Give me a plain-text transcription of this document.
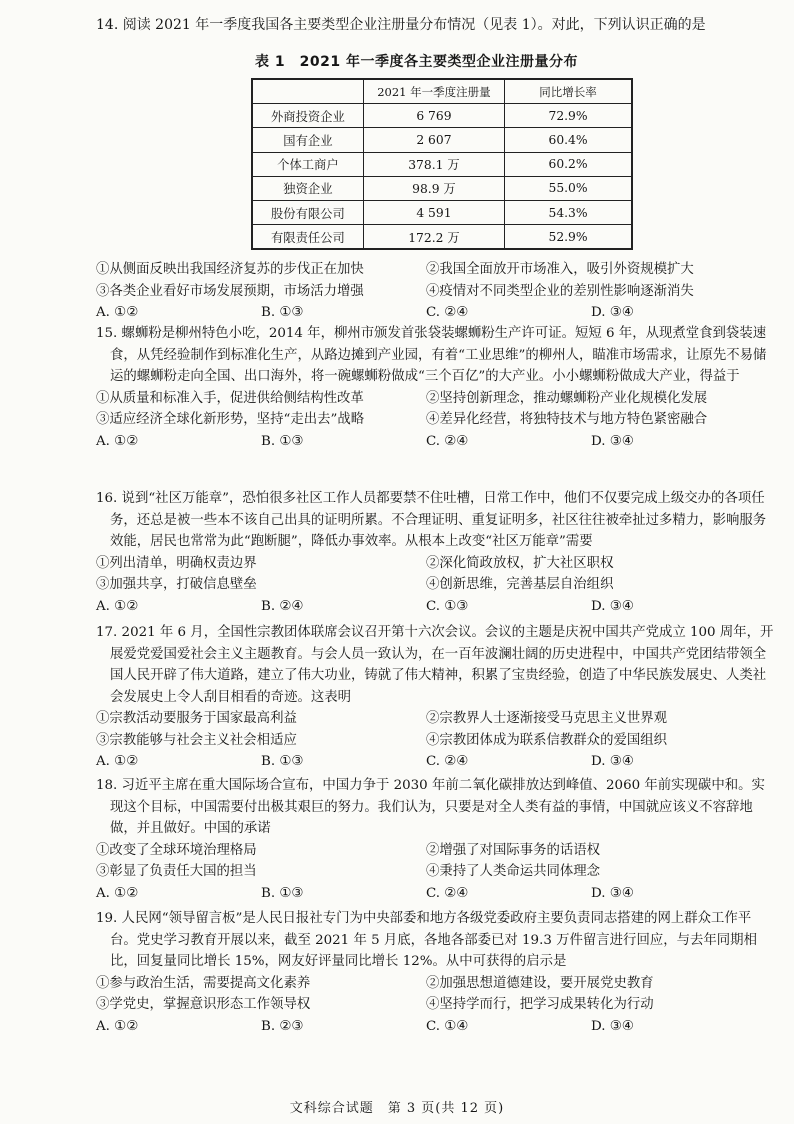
14. 阅读 2021 年一季度我国各主要类型企业注册量分布情况（见表 1）。对此，下列认识正确的是
表 1　2021 年一季度各主要类型企业注册量分布
	2021 年一季度注册量	同比增长率
外商投资企业	6 769	72.9%
国有企业	2 607	60.4%
个体工商户	378.1 万	60.2%
独资企业	98.9 万	55.0%
股份有限公司	4 591	54.3%
有限责任公司	172.2 万	52.9%
①从侧面反映出我国经济复苏的步伐正在加快	②我国全面放开市场准入，吸引外资规模扩大
③各类企业看好市场发展预期，市场活力增强	④疫情对不同类型企业的差别性影响逐渐消失
A. ①②	B. ①③	C. ②④	D. ③④
15. 螺蛳粉是柳州特色小吃，2014 年，柳州市颁发首张袋装螺蛳粉生产许可证。短短 6 年，从现煮堂食到袋装速食，从凭经验制作到标准化生产，从路边摊到产业园，有着“工业思维”的柳州人，瞄准市场需求，让原先不易储运的螺蛳粉走向全国、出口海外，将一碗螺蛳粉做成“三个百亿”的大产业。小小螺蛳粉做成大产业，得益于
①从质量和标准入手，促进供给侧结构性改革	②坚持创新理念，推动螺蛳粉产业化规模化发展
③适应经济全球化新形势，坚持“走出去”战略	④差异化经营，将独特技术与地方特色紧密融合
A. ①②	B. ①③	C. ②④	D. ③④
16. 说到“社区万能章”，恐怕很多社区工作人员都要禁不住吐槽，日常工作中，他们不仅要完成上级交办的各项任务，还总是被一些本不该自己出具的证明所累。不合理证明、重复证明多，社区往往被牵扯过多精力，影响服务效能，居民也常常为此“跑断腿”，降低办事效率。从根本上改变“社区万能章”需要
①列出清单，明确权责边界	②深化简政放权，扩大社区职权
③加强共享，打破信息壁垒	④创新思维，完善基层自治组织
A. ①②	B. ②④	C. ①③	D. ③④
17. 2021 年 6 月，全国性宗教团体联席会议召开第十六次会议。会议的主题是庆祝中国共产党成立 100 周年，开展爱党爱国爱社会主义主题教育。与会人员一致认为，在一百年波澜壮阔的历史进程中，中国共产党团结带领全国人民开辟了伟大道路，建立了伟大功业，铸就了伟大精神，积累了宝贵经验，创造了中华民族发展史、人类社会发展史上令人刮目相看的奇迹。这表明
①宗教活动要服务于国家最高利益	②宗教界人士逐渐接受马克思主义世界观
③宗教能够与社会主义社会相适应	④宗教团体成为联系信教群众的爱国组织
A. ①②	B. ①③	C. ②④	D. ③④
18. 习近平主席在重大国际场合宣布，中国力争于 2030 年前二氧化碳排放达到峰值、2060 年前实现碳中和。实现这个目标，中国需要付出极其艰巨的努力。我们认为，只要是对全人类有益的事情，中国就应该义不容辞地做，并且做好。中国的承诺
①改变了全球环境治理格局	②增强了对国际事务的话语权
③彰显了负责任大国的担当	④秉持了人类命运共同体理念
A. ①②	B. ①③	C. ②④	D. ③④
19. 人民网“领导留言板”是人民日报社专门为中央部委和地方各级党委政府主要负责同志搭建的网上群众工作平台。党史学习教育开展以来，截至 2021 年 5 月底，各地各部委已对 19.3 万件留言进行回应，与去年同期相比，回复量同比增长 15%，网友好评量同比增长 12%。从中可获得的启示是
①参与政治生活，需要提高文化素养	②加强思想道德建设，要开展党史教育
③学党史，掌握意识形态工作领导权	④坚持学而行，把学习成果转化为行动
A. ①②	B. ②③	C. ①④	D. ③④
文科综合试题　第 3 页(共 12 页)
